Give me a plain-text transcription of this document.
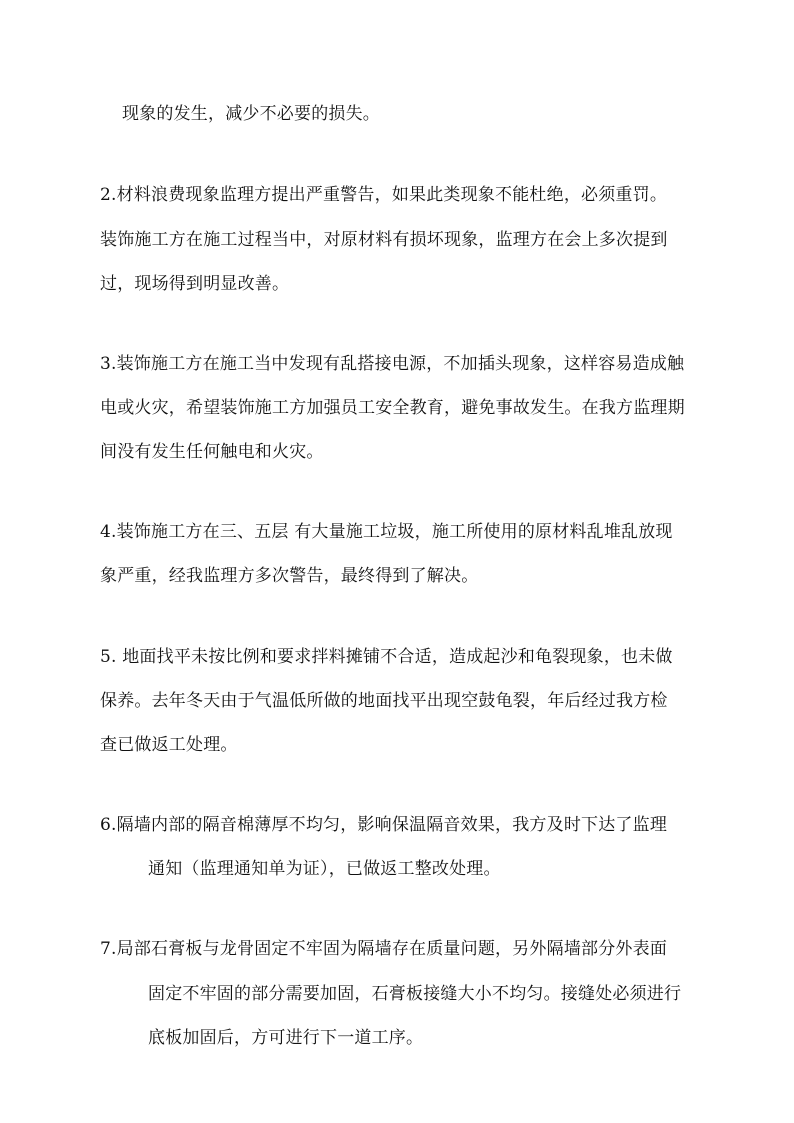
现象的发生，减少不必要的损失。
2.材料浪费现象监理方提出严重警告，如果此类现象不能杜绝，必须重罚。
装饰施工方在施工过程当中，对原材料有损坏现象，监理方在会上多次提到
过，现场得到明显改善。
3.装饰施工方在施工当中发现有乱搭接电源，不加插头现象，这样容易造成触
电或火灾，希望装饰施工方加强员工安全教育，避免事故发生。在我方监理期
间没有发生任何触电和火灾。
4.装饰施工方在三、五层 有大量施工垃圾，施工所使用的原材料乱堆乱放现
象严重，经我监理方多次警告，最终得到了解决。
5. 地面找平未按比例和要求拌料摊铺不合适，造成起沙和龟裂现象，也未做
保养。去年冬天由于气温低所做的地面找平出现空鼓龟裂，年后经过我方检
查已做返工处理。
6.隔墙内部的隔音棉薄厚不均匀，影响保温隔音效果，我方及时下达了监理
通知（监理通知单为证），已做返工整改处理。
7.局部石膏板与龙骨固定不牢固为隔墙存在质量问题，另外隔墙部分外表面
固定不牢固的部分需要加固，石膏板接缝大小不均匀。接缝处必须进行
底板加固后，方可进行下一道工序。
